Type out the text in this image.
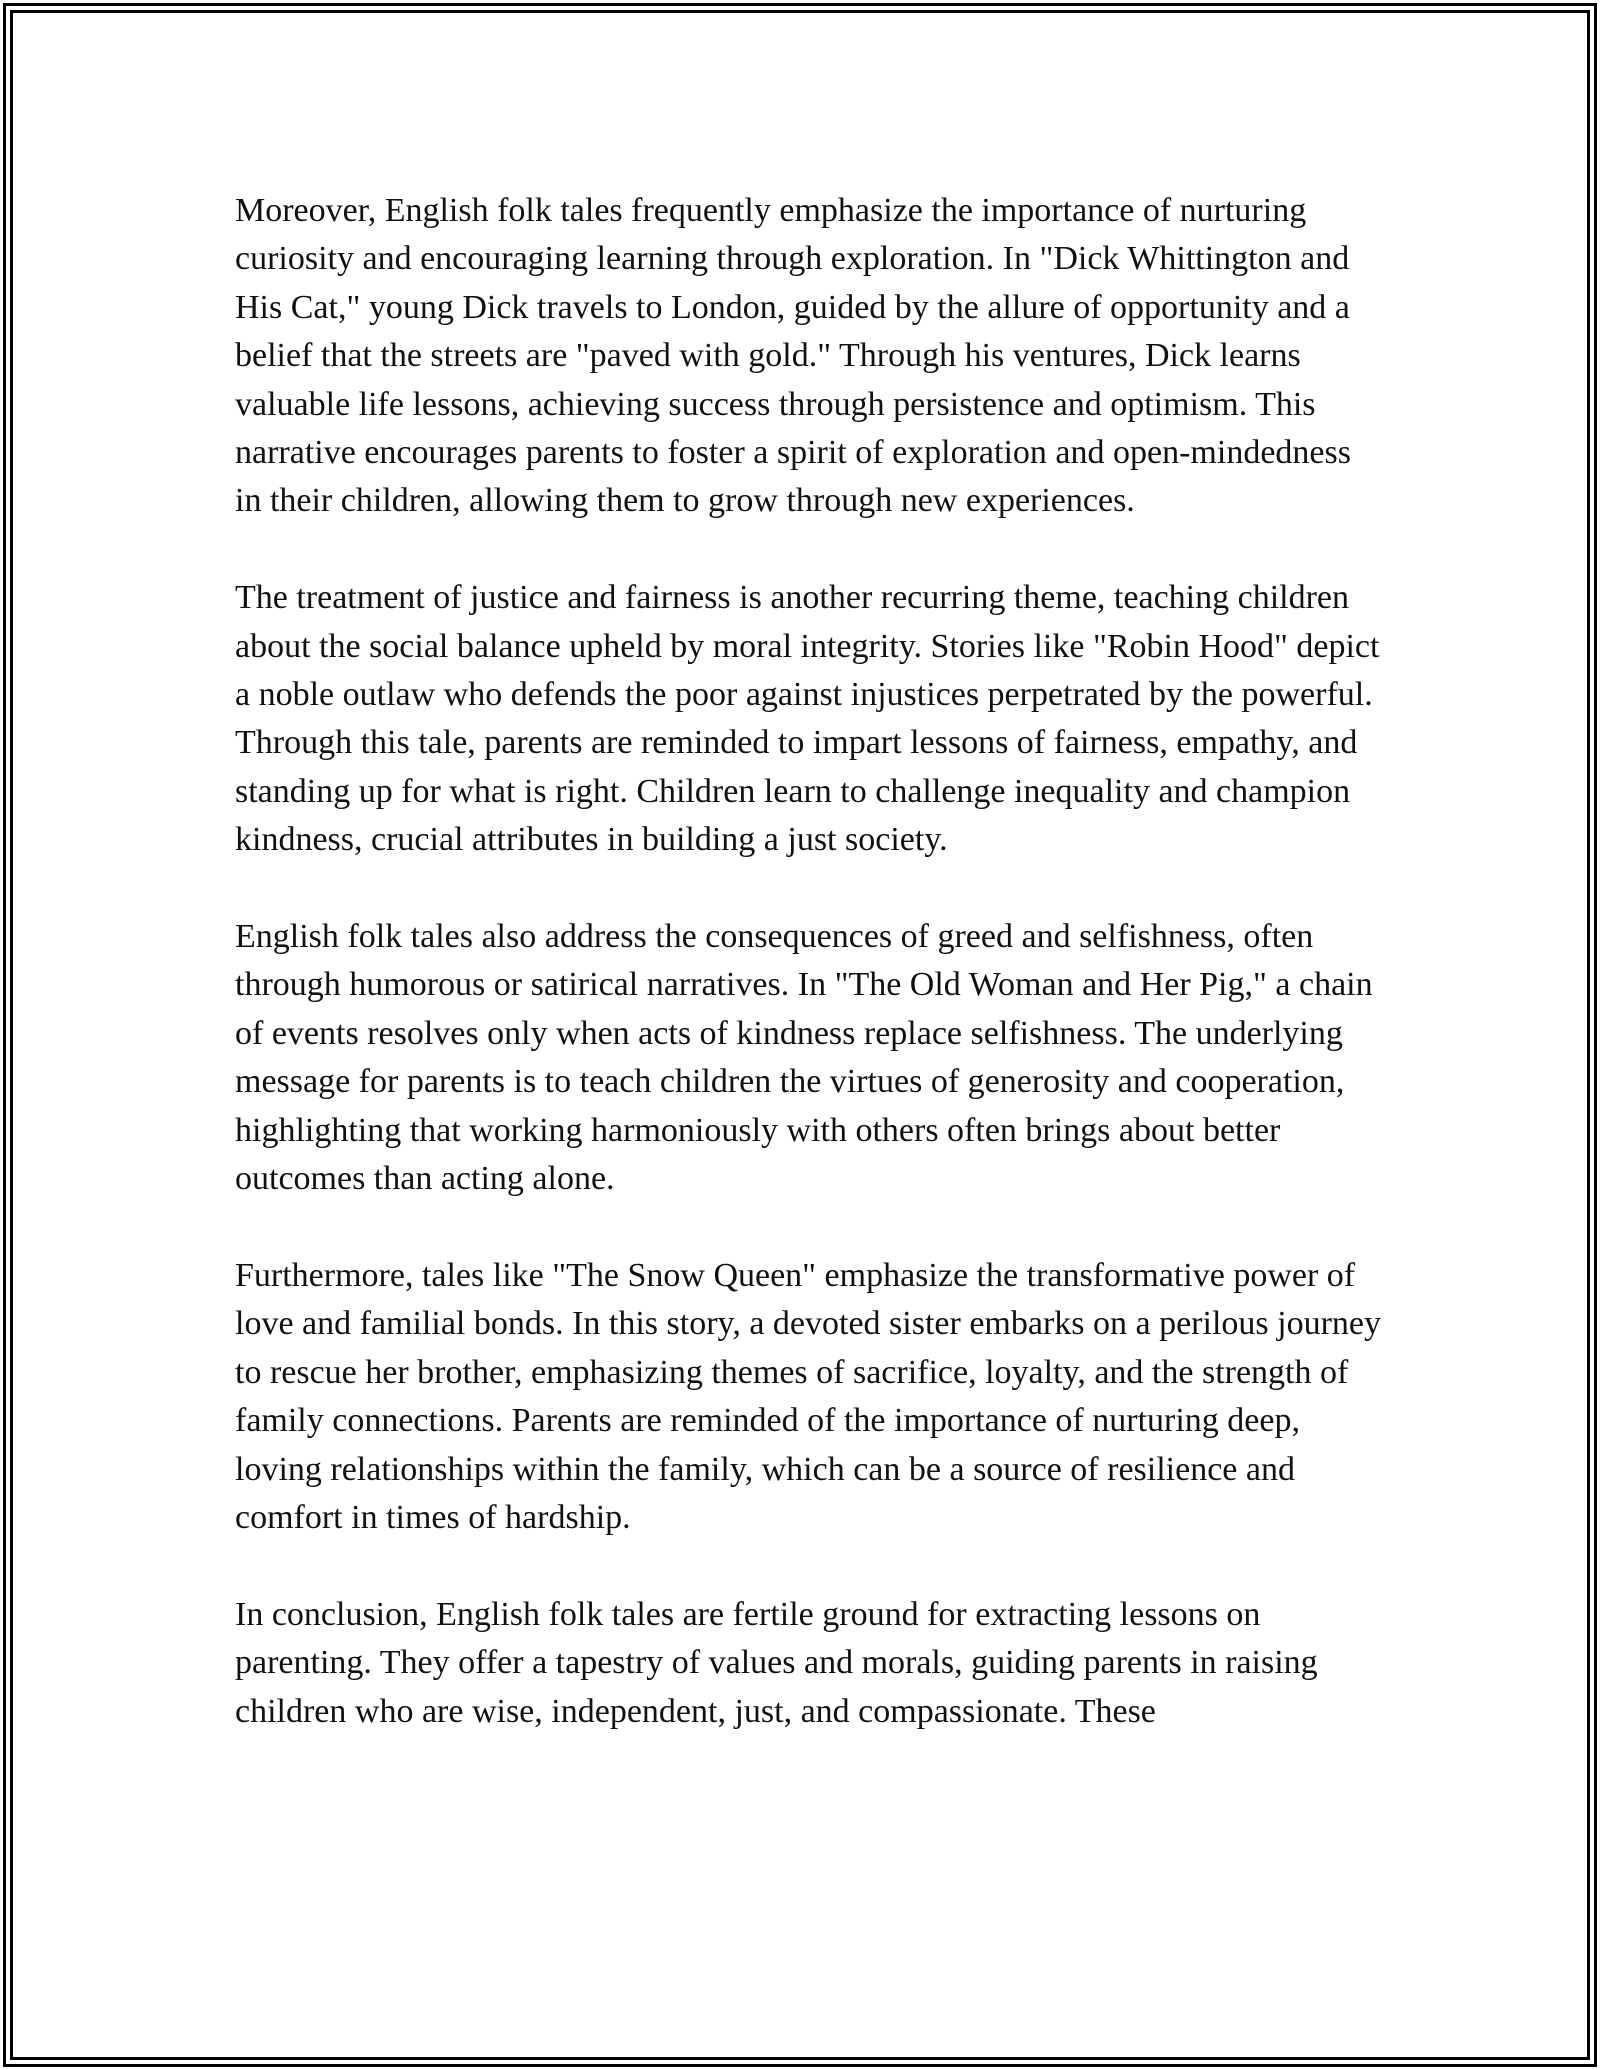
Moreover, English folk tales frequently emphasize the importance of nurturing curiosity and encouraging learning through exploration. In "Dick Whittington and His Cat," young Dick travels to London, guided by the allure of opportunity and a belief that the streets are "paved with gold." Through his ventures, Dick learns valuable life lessons, achieving success through persistence and optimism. This narrative encourages parents to foster a spirit of exploration and open-mindedness in their children, allowing them to grow through new experiences.

The treatment of justice and fairness is another recurring theme, teaching children about the social balance upheld by moral integrity. Stories like "Robin Hood" depict a noble outlaw who defends the poor against injustices perpetrated by the powerful. Through this tale, parents are reminded to impart lessons of fairness, empathy, and standing up for what is right. Children learn to challenge inequality and champion kindness, crucial attributes in building a just society.

English folk tales also address the consequences of greed and selfishness, often through humorous or satirical narratives. In "The Old Woman and Her Pig," a chain of events resolves only when acts of kindness replace selfishness. The underlying message for parents is to teach children the virtues of generosity and cooperation, highlighting that working harmoniously with others often brings about better outcomes than acting alone.

Furthermore, tales like "The Snow Queen" emphasize the transformative power of love and familial bonds. In this story, a devoted sister embarks on a perilous journey to rescue her brother, emphasizing themes of sacrifice, loyalty, and the strength of family connections. Parents are reminded of the importance of nurturing deep, loving relationships within the family, which can be a source of resilience and comfort in times of hardship.

In conclusion, English folk tales are fertile ground for extracting lessons on parenting. They offer a tapestry of values and morals, guiding parents in raising children who are wise, independent, just, and compassionate. These
